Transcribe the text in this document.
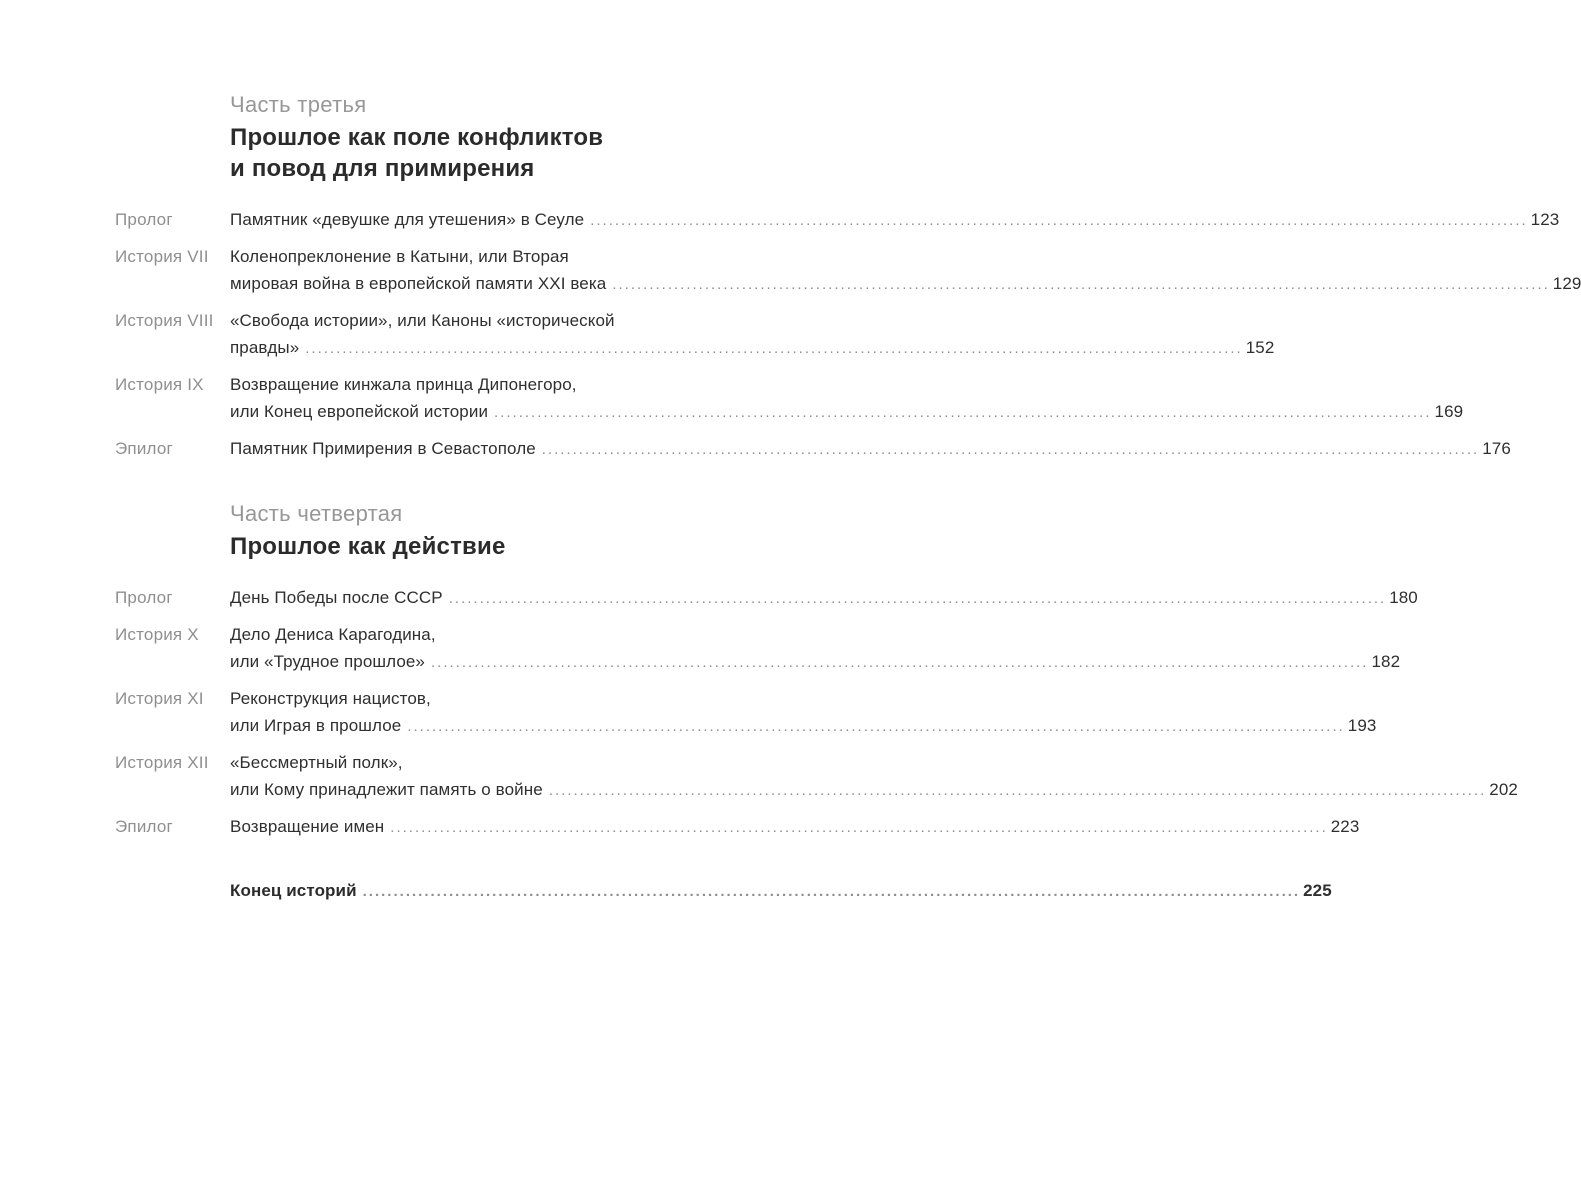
Часть третья
Прошлое как поле конфликтов
и повод для примирения
Пролог	Памятник «девушке для утешения» в Сеуле .....	123
История VII	Коленопреклонение в Катыни, или Вторая
мировая война в европейской памяти XXI века .....	129
История VIII «Свобода истории», или Каноны «исторической
правды» .....	152
История IX	Возвращение кинжала принца Дипонегоро,
или Конец европейской истории .....	169
Эпилог	Памятник Примирения в Севастополе .....	176
Часть четвертая
Прошлое как действие
Пролог	День Победы после СССР .....	180
История X	Дело Дениса Карагодина,
или «Трудное прошлое» .....	182
История XI	Реконструкция нацистов,
или Играя в прошлое .....	193
История XII	«Бессмертный полк»,
или Кому принадлежит память о войне .....	202
Эпилог	Возвращение имен .....	223
Конец историй .....	225
